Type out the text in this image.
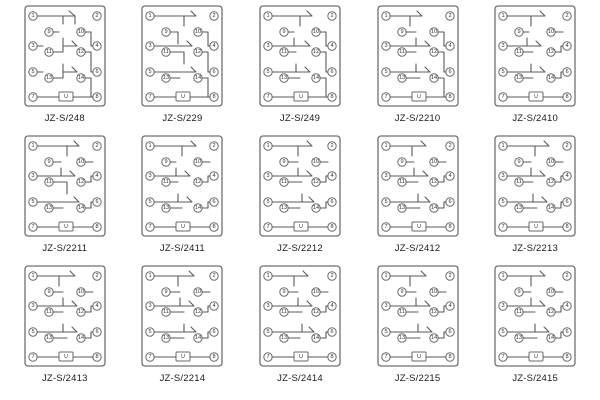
1
3
5
7
2
4
6
8
9
11
13
10
12
14
U
JZ-S/248
1
3
5
7
2
4
6
8
9
11
13
10
12
14
U
JZ-S/229
1
3
5
7
2
4
6
8
9
11
13
10
12
14
U
JZ-S/249
1
3
5
7
2
4
6
8
9
11
13
10
12
14
U
JZ-S/2210
1
3
5
7
2
4
6
8
9
11
13
10
12
14
U
JZ-S/2410
1
3
5
7
2
4
6
8
9
11
13
10
12
14
U
JZ-S/2211
1
3
5
7
2
4
6
8
9
11
13
10
12
14
U
JZ-S/2411
1
3
5
7
2
4
6
8
9
11
13
10
12
14
U
JZ-S/2212
1
3
5
7
2
4
6
8
9
11
13
10
12
14
U
JZ-S/2412
1
3
5
7
2
4
6
8
9
11
13
10
12
14
U
JZ-S/2213
1
3
5
7
2
4
6
8
9
11
13
10
12
14
U
JZ-S/2413
1
3
5
7
2
4
6
8
9
11
13
10
12
14
U
JZ-S/2214
1
3
5
7
2
4
6
8
9
11
13
10
12
14
U
JZ-S/2414
1
3
5
7
2
4
6
8
9
11
13
10
12
14
U
JZ-S/2215
1
3
5
7
2
4
6
8
9
11
13
10
12
14
U
JZ-S/2415
